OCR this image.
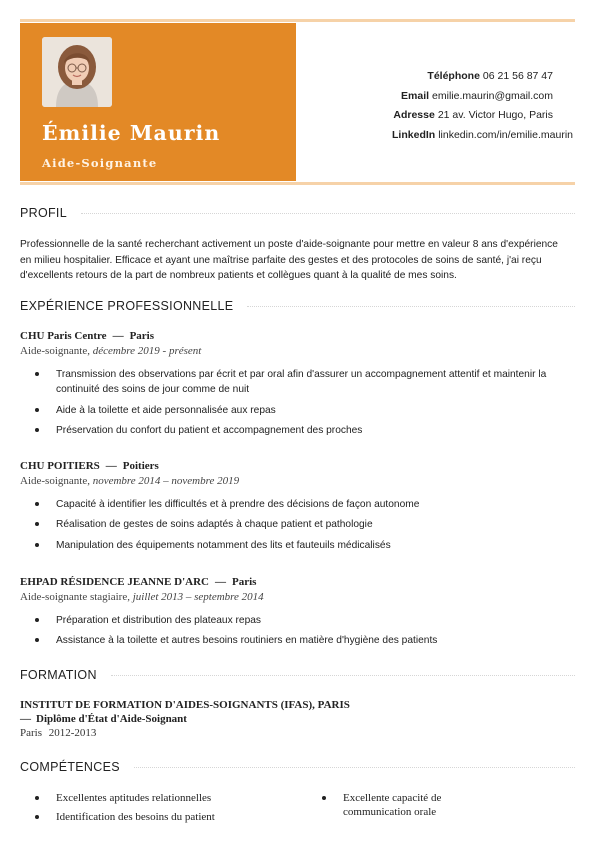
Émilie Maurin
Aide-Soignante
Téléphone 06 21 56 87 47
Email emilie.maurin@gmail.com
Adresse 21 av. Victor Hugo, Paris
LinkedIn linkedin.com/in/emilie.maurin
PROFIL
Professionnelle de la santé recherchant activement un poste d'aide-soignante pour mettre en valeur 8 ans d'expérience en milieu hospitalier. Efficace et ayant une maîtrise parfaite des gestes et des protocoles de soins de santé, j'ai reçu d'excellents retours de la part de nombreux patients et collègues quant à la qualité de mes soins.
EXPÉRIENCE PROFESSIONNELLE
CHU Paris Centre — Paris
Aide-soignante, décembre 2019 - présent
Transmission des observations par écrit et par oral afin d'assurer un accompagnement attentif et maintenir la continuité des soins de jour comme de nuit
Aide à la toilette et aide personnalisée aux repas
Préservation du confort du patient et accompagnement des proches
CHU POITIERS — Poitiers
Aide-soignante, novembre 2014 – novembre 2019
Capacité à identifier les difficultés et à prendre des décisions de façon autonome
Réalisation de gestes de soins adaptés à chaque patient et pathologie
Manipulation des équipements notamment des lits et fauteuils médicalisés
EHPAD RÉSIDENCE JEANNE D'ARC — Paris
Aide-soignante stagiaire, juillet 2013 – septembre 2014
Préparation et distribution des plateaux repas
Assistance à la toilette et autres besoins routiniers en matière d'hygiène des patients
FORMATION
INSTITUT DE FORMATION D'AIDES-SOIGNANTS (IFAS), PARIS
— Diplôme d'État d'Aide-Soignant
Paris 2012-2013
COMPÉTENCES
Excellentes aptitudes relationnelles
Identification des besoins du patient
Excellente capacité de communication orale
